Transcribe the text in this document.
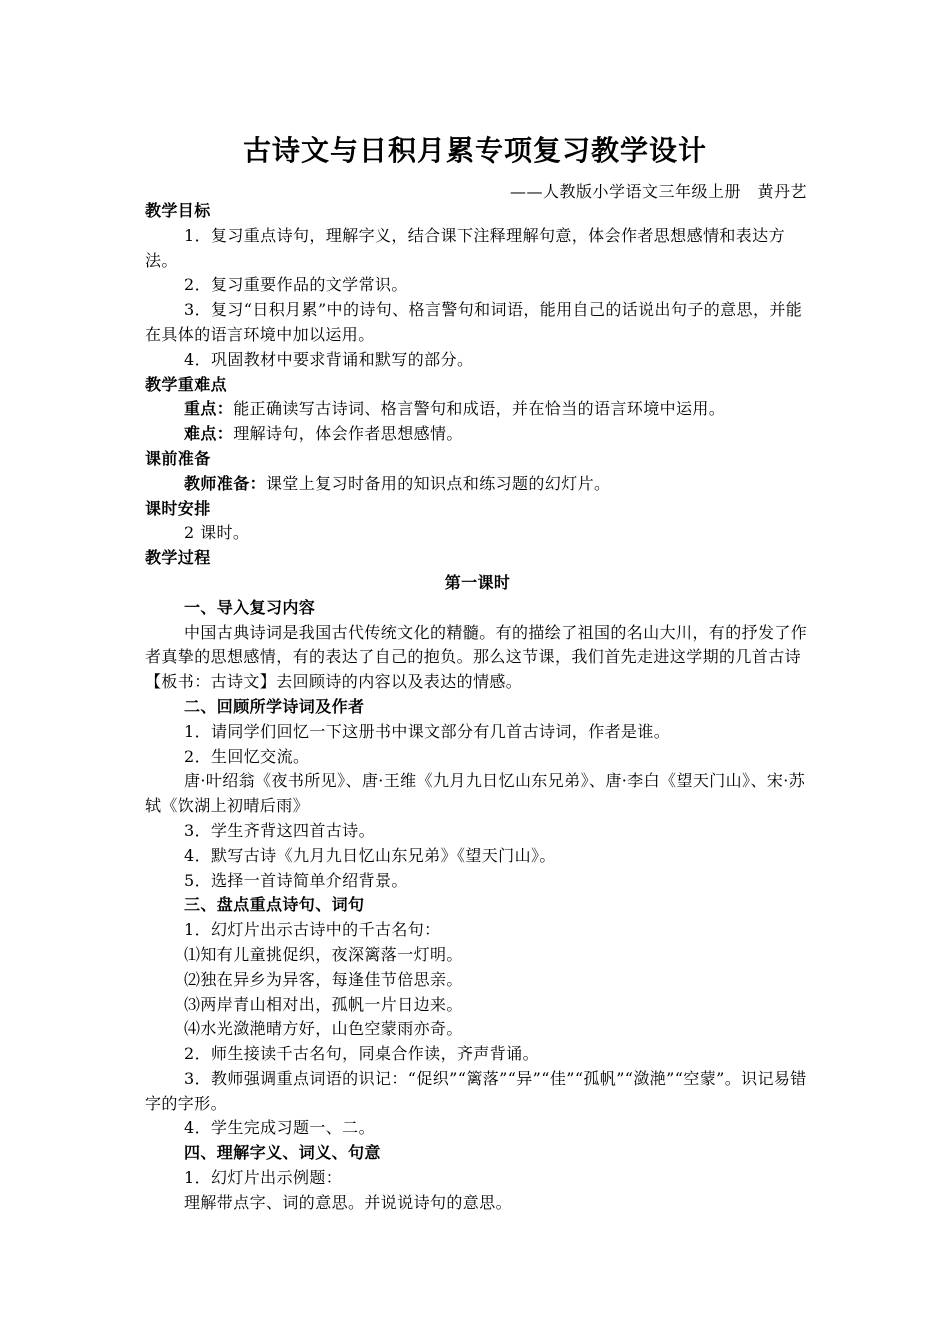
古诗文与日积月累专项复习教学设计
——人教版小学语文三年级上册　黄丹艺

教学目标

1．复习重点诗句，理解字义，结合课下注释理解句意，体会作者思想感情和表达方法。

2．复习重要作品的文学常识。

3．复习“日积月累”中的诗句、格言警句和词语，能用自己的话说出句子的意思，并能在具体的语言环境中加以运用。

4．巩固教材中要求背诵和默写的部分。

教学重难点

重点：能正确读写古诗词、格言警句和成语，并在恰当的语言环境中运用。

难点：理解诗句，体会作者思想感情。

课前准备

教师准备：课堂上复习时备用的知识点和练习题的幻灯片。

课时安排

2 课时。

教学过程

第一课时

一、导入复习内容

中国古典诗词是我国古代传统文化的精髓。有的描绘了祖国的名山大川，有的抒发了作者真挚的思想感情，有的表达了自己的抱负。那么这节课，我们首先走进这学期的几首古诗【板书：古诗文】去回顾诗的内容以及表达的情感。

二、回顾所学诗词及作者

1．请同学们回忆一下这册书中课文部分有几首古诗词，作者是谁。

2．生回忆交流。

唐·叶绍翁《夜书所见》、唐·王维《九月九日忆山东兄弟》、唐·李白《望天门山》、宋·苏轼《饮湖上初晴后雨》

3．学生齐背这四首古诗。

4．默写古诗《九月九日忆山东兄弟》《望天门山》。

5．选择一首诗简单介绍背景。

三、盘点重点诗句、词句

1．幻灯片出示古诗中的千古名句：

⑴知有儿童挑促织，夜深篱落一灯明。

⑵独在异乡为异客，每逢佳节倍思亲。

⑶两岸青山相对出，孤帆一片日边来。

⑷水光潋滟晴方好，山色空蒙雨亦奇。

2．师生接读千古名句，同桌合作读，齐声背诵。

3．教师强调重点词语的识记：“促织”“篱落”“异”“佳”“孤帆”“潋滟”“空蒙”。识记易错字的字形。

4．学生完成习题一、二。

四、理解字义、词义、句意

1．幻灯片出示例题：

理解带点字、词的意思。并说说诗句的意思。
